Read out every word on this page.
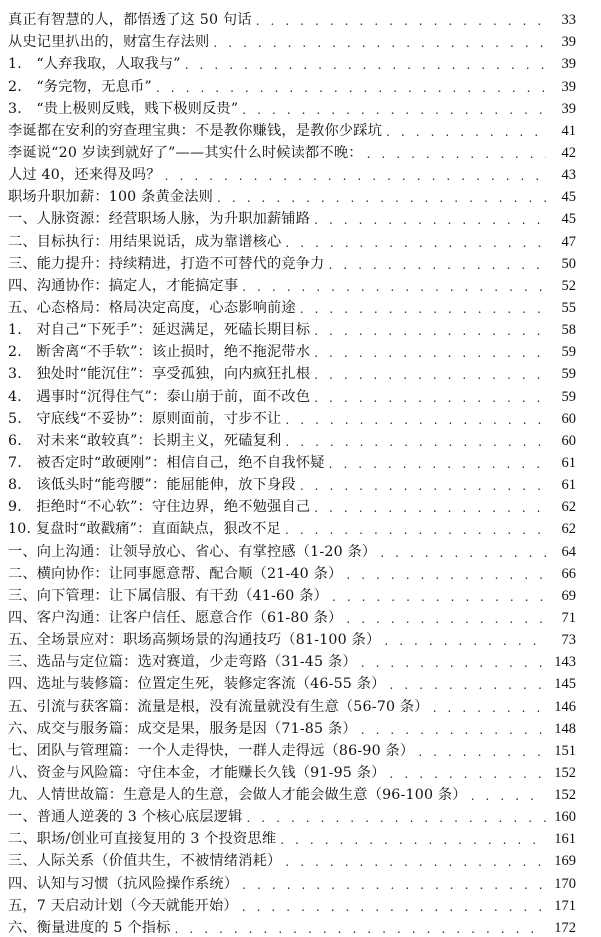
真正有智慧的人，都悟透了这 50 句话 . . .	33
从史记里扒出的，财富生存法则 . . .	39
1.　“人弃我取，人取我与” . . .	39
2.　“务完物，无息币” . . .	39
3.　“贵上极则反贱，贱下极则反贵” . . .	39
李诞都在安利的穷查理宝典：不是教你赚钱，是教你少踩坑 . . .	41
李诞说“20 岁读到就好了”——其实什么时候读都不晚： . . .	42
人过 40，还来得及吗？ . . .	43
职场升职加薪：100 条黄金法则 . . .	45
一、人脉资源：经营职场人脉，为升职加薪铺路 . . .	45
二、目标执行：用结果说话，成为靠谱核心 . . .	47
三、能力提升：持续精进，打造不可替代的竞争力 . . .	50
四、沟通协作：搞定人，才能搞定事 . . .	52
五、心态格局：格局决定高度，心态影响前途 . . .	55
1.　对自己“下死手”：延迟满足，死磕长期目标 . . .	58
2.　断舍离“不手软”：该止损时，绝不拖泥带水 . . .	59
3.　独处时“能沉住”：享受孤独，向内疯狂扎根 . . .	59
4.　遇事时“沉得住气”：泰山崩于前，面不改色 . . .	59
5.　守底线“不妥协”：原则面前，寸步不让 . . .	60
6.　对未来“敢较真”：长期主义，死磕复利 . . .	60
7.　被否定时“敢硬刚”：相信自己，绝不自我怀疑 . . .	61
8.　该低头时“能弯腰”：能屈能伸，放下身段 . . .	61
9.　拒绝时“不心软”：守住边界，绝不勉强自己 . . .	62
10. 复盘时“敢戳痛”：直面缺点，狠改不足 . . .	62
一、向上沟通：让领导放心、省心、有掌控感（1-20 条） . . .	64
二、横向协作：让同事愿意帮、配合顺（21-40 条） . . .	66
三、向下管理：让下属信服、有干劲（41-60 条） . . .	69
四、客户沟通：让客户信任、愿意合作（61-80 条） . . .	71
五、全场景应对：职场高频场景的沟通技巧（81-100 条） . . .	73
三、选品与定位篇：选对赛道，少走弯路（31-45 条） . . .	143
四、选址与装修篇：位置定生死，装修定客流（46-55 条） . . .	145
五、引流与获客篇：流量是根，没有流量就没有生意（56-70 条） . . .	146
六、成交与服务篇：成交是果，服务是因（71-85 条） . . .	148
七、团队与管理篇：一个人走得快，一群人走得远（86-90 条） . . .	151
八、资金与风险篇：守住本金，才能赚长久钱（91-95 条） . . .	152
九、人情世故篇：生意是人的生意，会做人才能会做生意（96-100 条） . . .	152
一、普通人逆袭的 3 个核心底层逻辑 . . .	160
二、职场/创业可直接复用的 3 个投资思维 . . .	161
三、人际关系（价值共生，不被情绪消耗） . . .	169
四、认知与习惯（抗风险操作系统） . . .	170
五，7 天启动计划（今天就能开始） . . .	171
六、衡量进度的 5 个指标 . . .	172
